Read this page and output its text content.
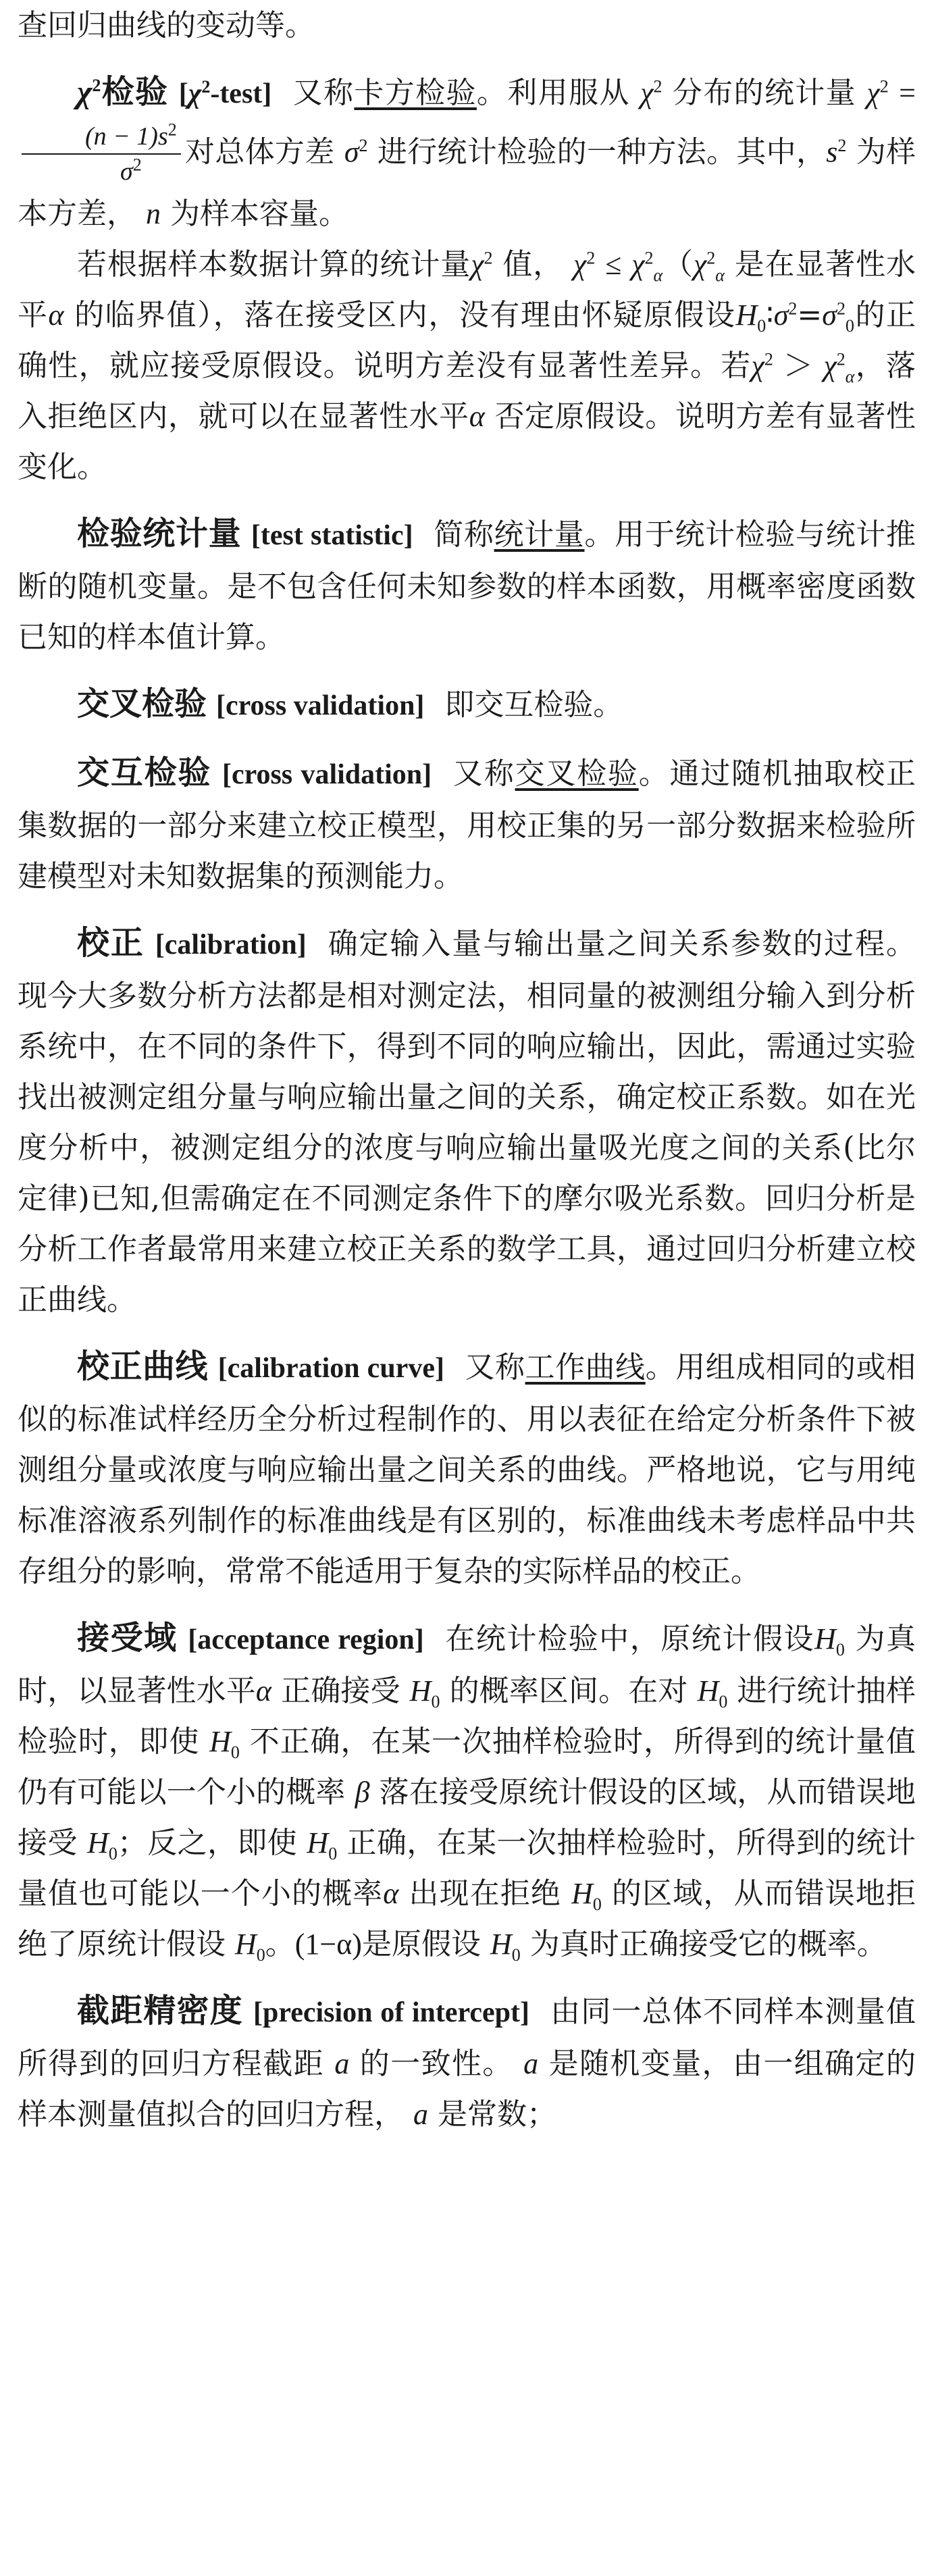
查回归曲线的变动等。

$\chi^2$检验 $[\chi^2-test]$ 又称卡方检验。利用服从 $\chi^2$ 分布的统计量 $\chi^2$ =
$\frac{(n - 1)s^2}{\sigma^2}$ 对总体方差 $\sigma^2$ 进行统计检验的一种方法。其中，$s^2$ 为样本方差， n 为样本容量。

若根据样本数据计算的统计量$\chi^2$ 值， $\chi^2 \le \chi^2_\alpha(\chi^2_\alpha$ 是在显著性水平α 的临界值），落在接受区内，没有理由怀疑原假设$H_0∶\sigma^2=\sigma^2_0$的正确性，就应接受原假设。说明方差没有显著性差异。若$\chi^2 > \chi^2_\alpha$，落入拒绝区内，就可以在显著性水平α 否定原假设。说明方差有显著性变化。

检验统计量 [test statistic] 简称统计量。用于统计检验与统计推断的随机变量。是不包含任何未知参数的样本函数，用概率密度函数已知的样本值计算。

交叉检验 [cross validation] 即交互检验。

交互检验 [cross validation] 又称交叉检验。通过随机抽取校正集数据的一部分来建立校正模型，用校正集的另一部分数据来检验所建模型对未知数据集的预测能力。

校正 [calibration] 确定输入量与输出量之间关系参数的过程。现今大多数分析方法都是相对测定法，相同量的被测组分输入到分析系统中，在不同的条件下，得到不同的响应输出，因此，需通过实验找出被测定组分量与响应输出量之间的关系，确定校正系数。如在光度分析中，被测定组分的浓度与响应输出量吸光度之间的关系(比尔定律)已知,但需确定在不同测定条件下的摩尔吸光系数。回归分析是分析工作者最常用来建立校正关系的数学工具，通过回归分析建立校正曲线。

校正曲线 [calibration curve] 又称工作曲线。用组成相同的或相似的标准试样经历全分析过程制作的、用以表征在给定分析条件下被测组分量或浓度与响应输出量之间关系的曲线。严格地说，它与用纯标准溶液系列制作的标准曲线是有区别的，标准曲线未考虑样品中共存组分的影响，常常不能适用于复杂的实际样品的校正。

接受域 [acceptance region] 在统计检验中，原统计假设$H_0$ 为真时，以显著性水平α 正确接受 $H_0$ 的概率区间。在对 $H_0$ 进行统计抽样检验时，即使 $H_0$ 不正确，在某一次抽样检验时，所得到的统计量值仍有可能以一个小的概率 β 落在接受原统计假设的区域，从而错误地接受 $H_0$；反之，即使 $H_0$ 正确，在某一次抽样检验时，所得到的统计量值也可能以一个小的概率α 出现在拒绝 $H_0$ 的区域，从而错误地拒绝了原统计假设 $H_0$。(1−α)是原假设 $H_0$ 为真时正确接受它的概率。

截距精密度 [precision of intercept] 由同一总体不同样本测量值所得到的回归方程截距 a 的一致性。 a 是随机变量，由一组确定的样本测量值拟合的回归方程， a 是常数；
